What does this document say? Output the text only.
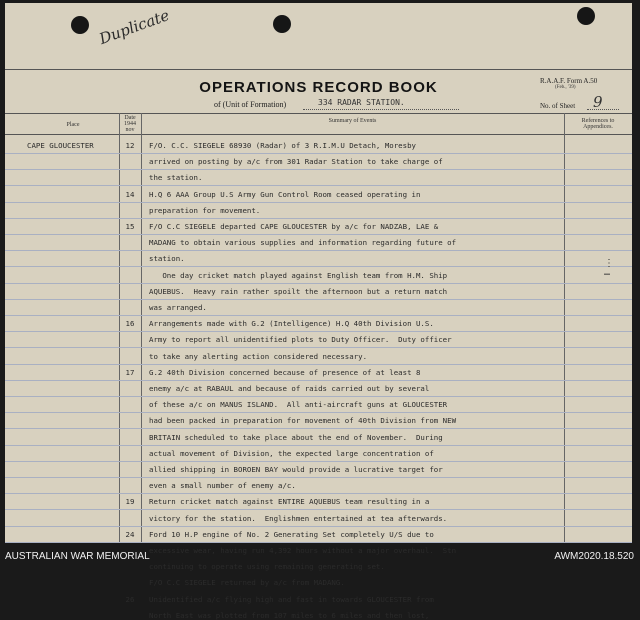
Duplicate
OPERATIONS RECORD BOOK
of (Unit of Formation)	334 RADAR STATION.
R.A.A.F. Form A.50
(Feb., '39)
No. of Sheet 9
Place
Date
1944
nov
Summary of Events	References to
Appendices.
CAPE GLOUCESTER	12	F/O. C.C. SIEGELE 68930 (Radar) of 3 R.I.M.U Detach, Moresby
arrived on posting by a/c from 301 Radar Station to take charge of
the station.
14	H.Q 6 AAA Group U.S Army Gun Control Room ceased operating in
preparation for movement.
15	F/O C.C SIEGELE departed CAPE GLOUCESTER by a/c for NADZAB, LAE &
MADANG to obtain various supplies and information regarding future of
station.
One day cricket match played against English team from H.M. Ship
AQUEBUS.  Heavy rain rather spoilt the afternoon but a return match
was arranged.
16	Arrangements made with G.2 (Intelligence) H.Q 40th Division U.S.
Army to report all unidentified plots to Duty Officer.  Duty officer
to take any alerting action considered necessary.
17	G.2 40th Division concerned because of presence of at least 8
enemy a/c at RABAUL and because of raids carried out by several
of these a/c on MANUS ISLAND.  All anti-aircraft guns at GLOUCESTER
had been packed in preparation for movement of 40th Division from NEW
BRITAIN scheduled to take place about the end of November.  During
actual movement of Division, the expected large concentration of
allied shipping in BOROEN BAY would provide a lucrative target for
even a small number of enemy a/c.
19	Return cricket match against ENTIRE AQUEBUS team resulting in a
victory for the station.  Englishmen entertained at tea afterwards.
24	Ford 10 H.P engine of No. 2 Generating Set completely U/S due to
excessive wear, having run 4,392 hours without a major overhaul.  Stn
continuing to operate using remaining generating set.
F/O C.C SIEGELE returned by a/c from MADANG.
26	Unidentified a/c flying high and fast in towards GLOUCESTER from
North East was plotted from 107 miles to 6 miles and then lost,
⋮
…
AUSTRALIAN WAR MEMORIAL	AWM2020.18.520
